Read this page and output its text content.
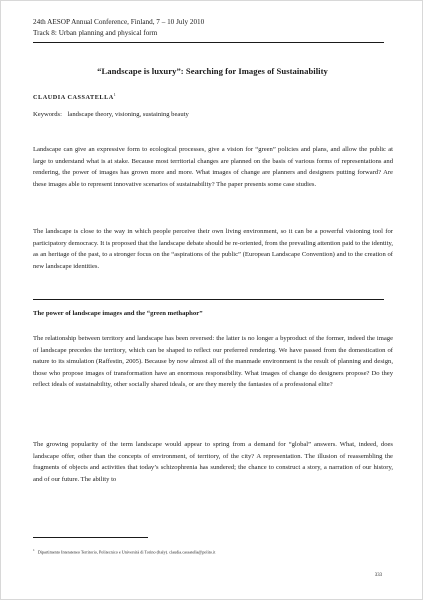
24th AESOP Annual Conference, Finland, 7 – 10 July 2010
Track 8: Urban planning and physical form
“Landscape is luxury”: Searching for Images of Sustainability
CLAUDIA CASSATELLA$^1$
Keywords: landscape theory, visioning, sustaining beauty

Landscape can give an expressive form to ecological processes, give a vision for “green” policies and plans, and allow the public at large to understand what is at stake. Because most territorial changes are planned on the basis of various forms of representations and rendering, the power of images has grown more and more. What images of change are planners and designers putting forward? Are these images able to represent innovative scenarios of sustainability? The paper presents some case studies.

The landscape is close to the way in which people perceive their own living environment, so it can be a powerful visioning tool for participatory democracy. It is proposed that the landscape debate should be re-oriented, from the prevailing attention paid to the identity, as an heritage of the past, to a stronger focus on the “aspirations of the public” (European Landscape Convention) and to the creation of new landscape identities.

The power of landscape images and the “green methaphor”

The relationship between territory and landscape has been reversed: the latter is no longer a byproduct of the former, indeed the image of landscape precedes the territory, which can be shaped to reflect our preferred rendering. We have passed from the domestication of nature to its simulation (Raffestin, 2005). Because by now almost all of the manmade environment is the result of planning and design, those who propose images of transformation have an enormous responsibility. What images of change do designers propose? Do they reflect ideals of sustainability, other socially shared ideals, or are they merely the fantasies of a professional elite?

The growing popularity of the term landscape would appear to spring from a demand for “global” answers. What, indeed, does landscape offer, other than the concepts of environment, of territory, of the city? A representation. The illusion of reassembling the fragments of objects and activities that today’s schizophrenia has sundered; the chance to construct a story, a narration of our history, and of our future. The ability to

$^1$ Dipartimento Interateneo Territorio, Politecnico e Università di Torino (Italy). claudia.cassatella@polito.it
333
